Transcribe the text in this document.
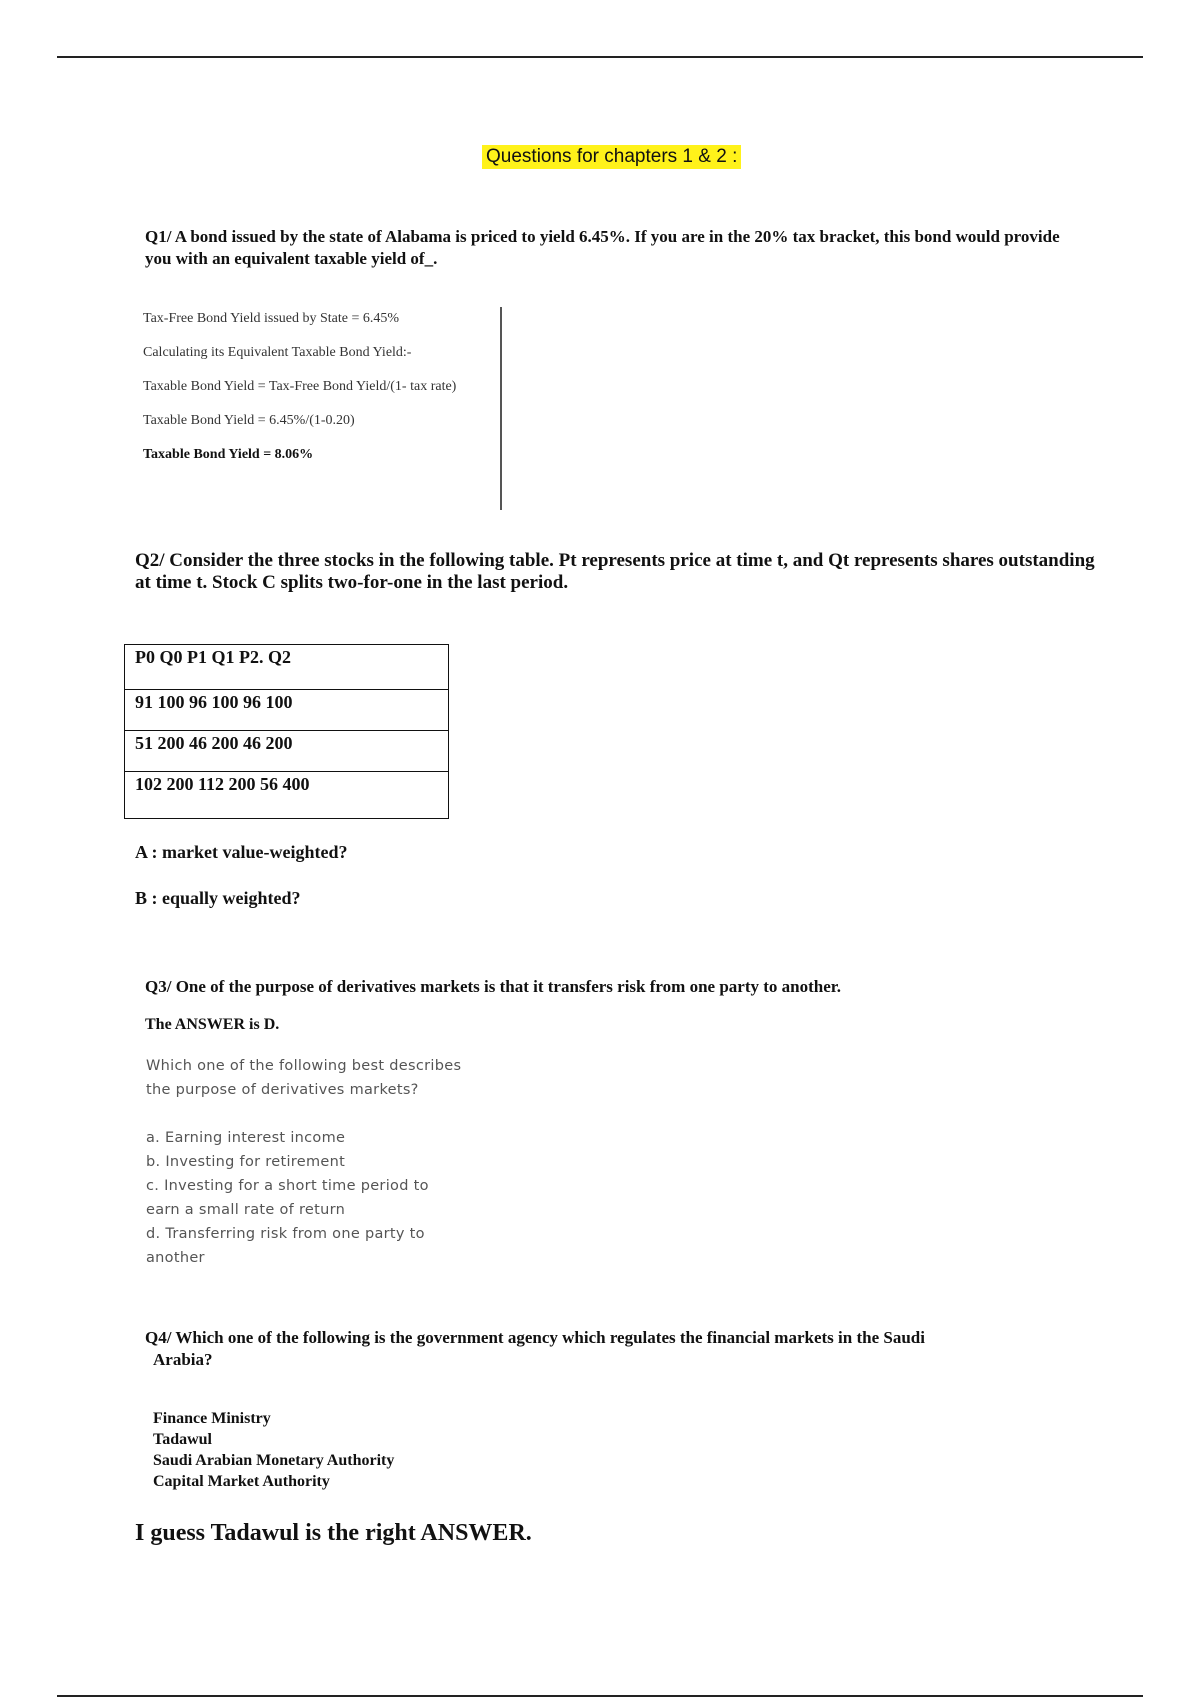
Questions for chapters 1 & 2 :
Q1/ A bond issued by the state of Alabama is priced to yield 6.45%. If you are in the 20% tax bracket, this bond would provide you with an equivalent taxable yield of_.

Tax-Free Bond Yield issued by State = 6.45%

Calculating its Equivalent Taxable Bond Yield:-

Taxable Bond Yield = Tax-Free Bond Yield/(1- tax rate)

Taxable Bond Yield = 6.45%/(1-0.20)

Taxable Bond Yield = 8.06%

Q2/ Consider the three stocks in the following table. Pt represents price at time t, and Qt represents shares outstanding at time t. Stock C splits two-for-one in the last period.
P0 Q0 P1 Q1 P2. Q2
91 100 96 100 96 100
51 200 46 200 46 200
102 200 112 200 56 400
A : market value-weighted?
B : equally weighted?
Q3/ One of the purpose of derivatives markets is that it transfers risk from one party to another.
The ANSWER is D.
Which one of the following best describes the purpose of derivatives markets?
a. Earning interest income
b. Investing for retirement
c. Investing for a short time period to earn a small rate of return
d. Transferring risk from one party to another
Q4/ Which one of the following is the government agency which regulates the financial markets in the Saudi
Arabia?
Finance Ministry
Tadawul
Saudi Arabian Monetary Authority
Capital Market Authority
I guess Tadawul is the right ANSWER.
